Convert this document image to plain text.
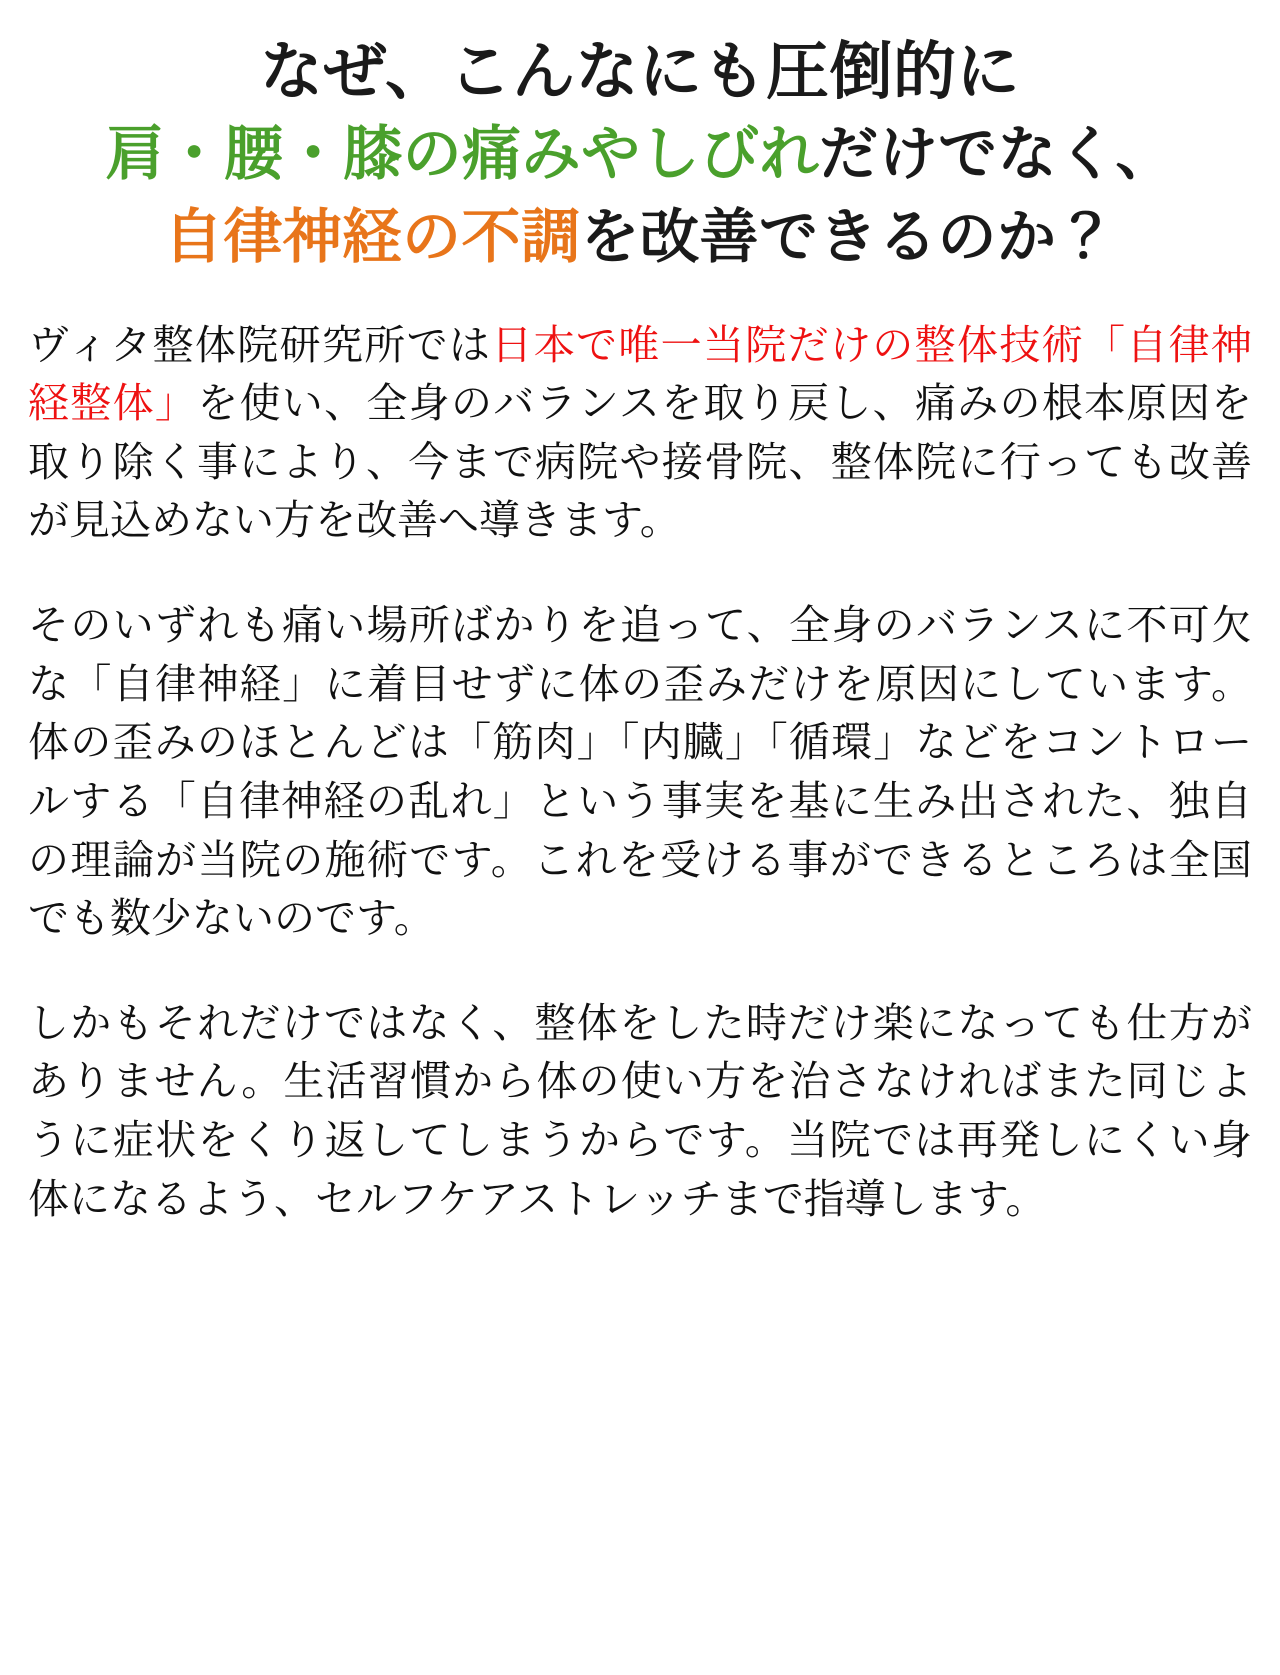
なぜ、こんなにも圧倒的に
肩・腰・膝の痛みやしびれだけでなく、
自律神経の不調を改善できるのか？

ヴィタ整体院研究所では日本で唯一当院だけの整体技術「自律神経整体」を使い、全身のバランスを取り戻し、痛みの根本原因を取り除く事により、今まで病院や接骨院、整体院に行っても改善が見込めない方を改善へ導きます。

そのいずれも痛い場所ばかりを追って、全身のバランスに不可欠な「自律神経」に着目せずに体の歪みだけを原因にしています。体の歪みのほとんどは「筋肉」「内臓」「循環」などをコントロールする「自律神経の乱れ」という事実を基に生み出された、独自の理論が当院の施術です。これを受ける事ができるところは全国でも数少ないのです。

しかもそれだけではなく、整体をした時だけ楽になっても仕方がありません。生活習慣から体の使い方を治さなければまた同じように症状をくり返してしまうからです。当院では再発しにくい身体になるよう、セルフケアストレッチまで指導します。
